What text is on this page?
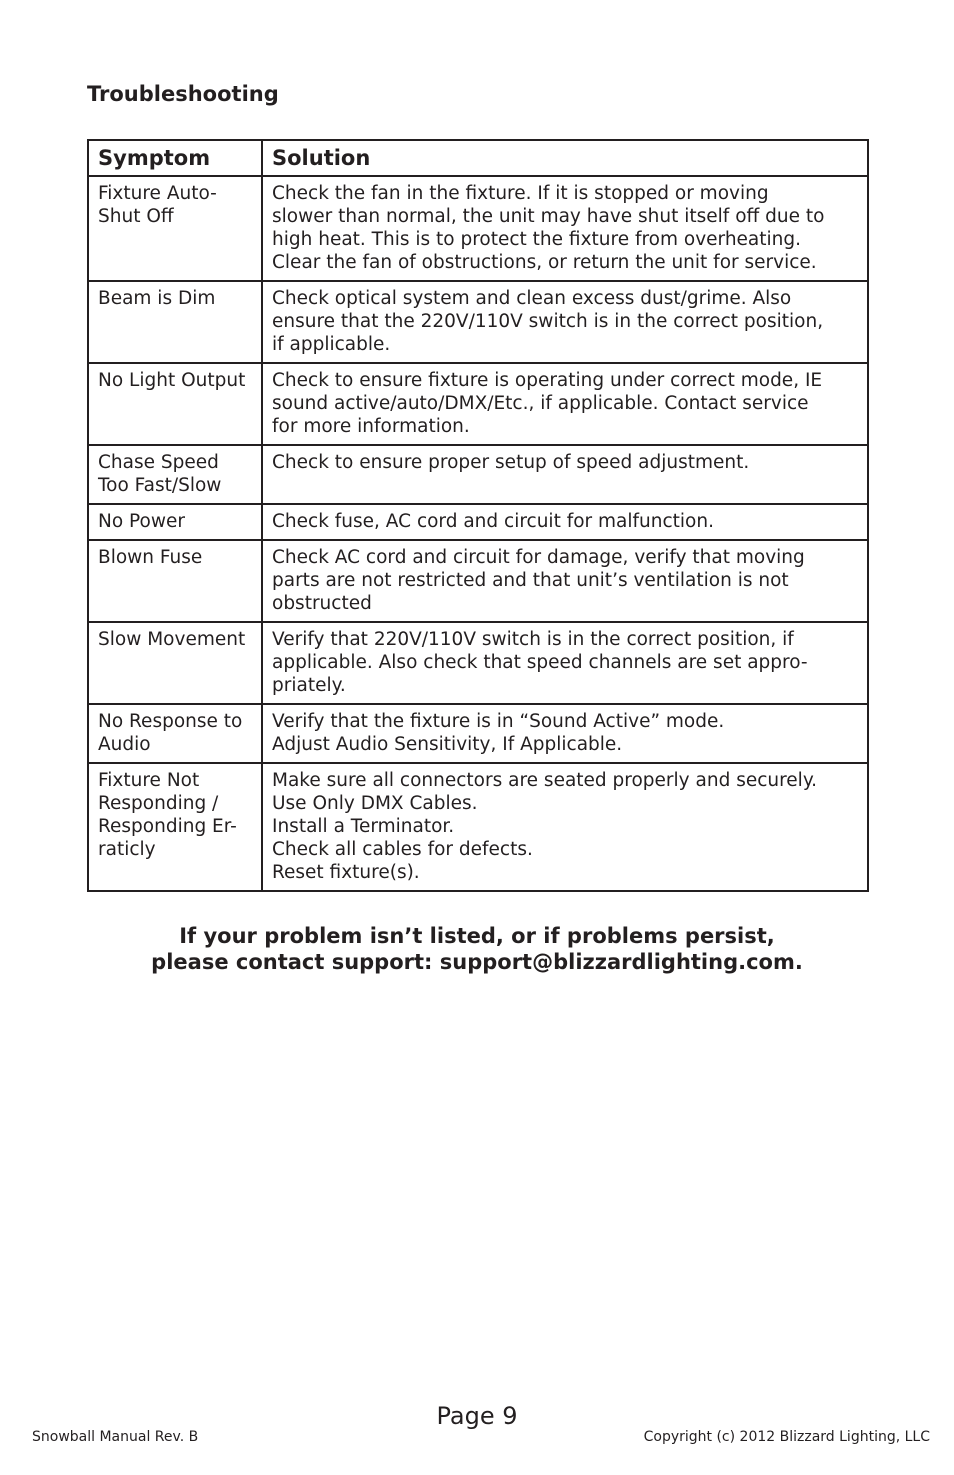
Troubleshooting
Symptom	Solution

Fixture Auto-
Shut Off	Check the fan in the fixture. If it is stopped or moving
slower than normal, the unit may have shut itself off due to
high heat. This is to protect the fixture from overheating.
Clear the fan of obstructions, or return the unit for service.

Beam is Dim	Check optical system and clean excess dust/grime. Also
ensure that the 220V/110V switch is in the correct position,
if applicable.

No Light Output	Check to ensure fixture is operating under correct mode, IE
sound active/auto/DMX/Etc., if applicable. Contact service
for more information.

Chase Speed
Too Fast/Slow	Check to ensure proper setup of speed adjustment.

No Power	Check fuse, AC cord and circuit for malfunction.

Blown Fuse	Check AC cord and circuit for damage, verify that moving
parts are not restricted and that unit’s ventilation is not
obstructed

Slow Movement	Verify that 220V/110V switch is in the correct position, if
applicable. Also check that speed channels are set appro-
priately.

No Response to
Audio	Verify that the fixture is in “Sound Active” mode.
Adjust Audio Sensitivity, If Applicable.

Fixture Not
Responding /
Responding Er-
raticly	Make sure all connectors are seated properly and securely.
Use Only DMX Cables.
Install a Terminator.
Check all cables for defects.
Reset fixture(s).
If your problem isn’t listed, or if problems persist,
please contact support: support@blizzardlighting.com.
Page 9
Snowball Manual Rev. B	Copyright (c) 2012 Blizzard Lighting, LLC
